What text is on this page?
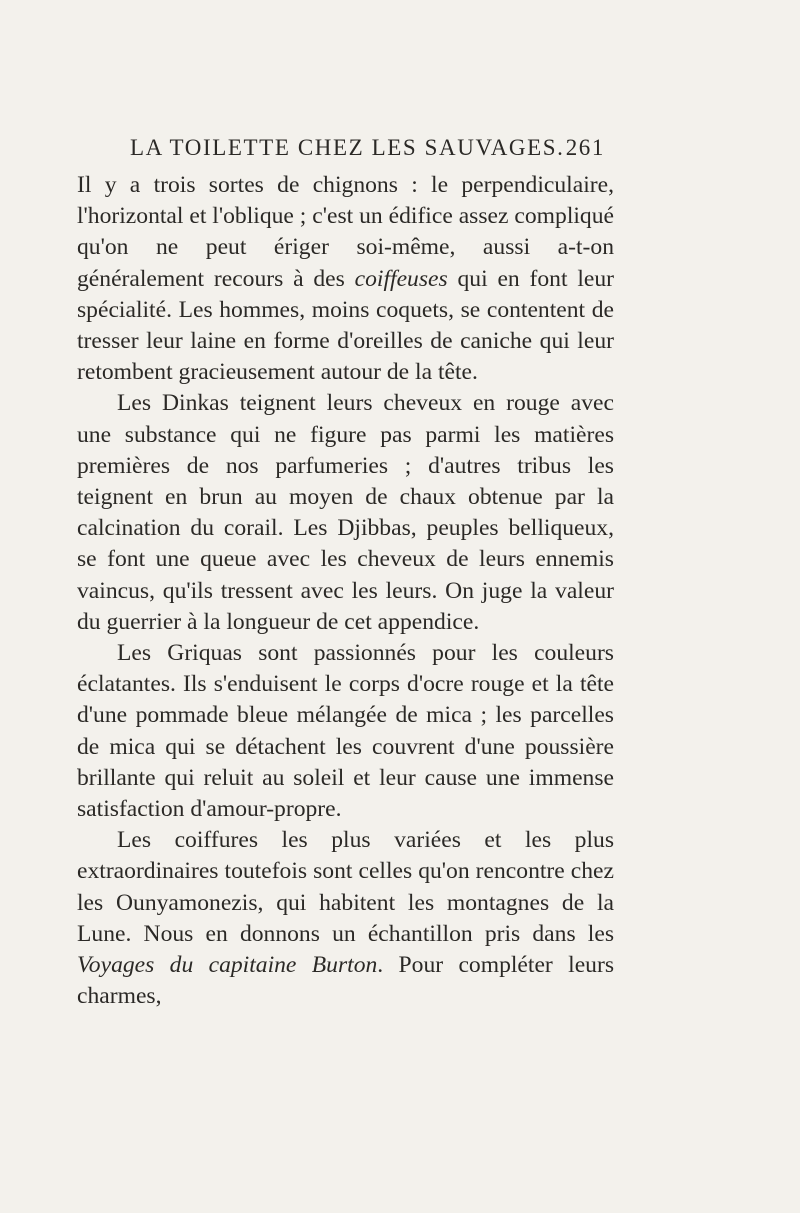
LA TOILETTE CHEZ LES SAUVAGES. 261

Il y a trois sortes de chignons : le perpendiculaire, l'horizontal et l'oblique ; c'est un édifice assez compliqué qu'on ne peut ériger soi-même, aussi a-t-on généralement recours à des coiffeuses qui en font leur spécialité. Les hommes, moins coquets, se contentent de tresser leur laine en forme d'oreilles de caniche qui leur retombent gracieusement autour de la tête.

Les Dinkas teignent leurs cheveux en rouge avec une substance qui ne figure pas parmi les matières premières de nos parfumeries ; d'autres tribus les teignent en brun au moyen de chaux obtenue par la calcination du corail. Les Djibbas, peuples belliqueux, se font une queue avec les cheveux de leurs ennemis vaincus, qu'ils tressent avec les leurs. On juge la valeur du guerrier à la longueur de cet appendice.

Les Griquas sont passionnés pour les couleurs éclatantes. Ils s'enduisent le corps d'ocre rouge et la tête d'une pommade bleue mélangée de mica ; les parcelles de mica qui se détachent les couvrent d'une poussière brillante qui reluit au soleil et leur cause une immense satisfaction d'amour-propre.

Les coiffures les plus variées et les plus extraordinaires toutefois sont celles qu'on rencontre chez les Ounyamonezis, qui habitent les montagnes de la Lune. Nous en donnons un échantillon pris dans les Voyages du capitaine Burton. Pour compléter leurs charmes,
